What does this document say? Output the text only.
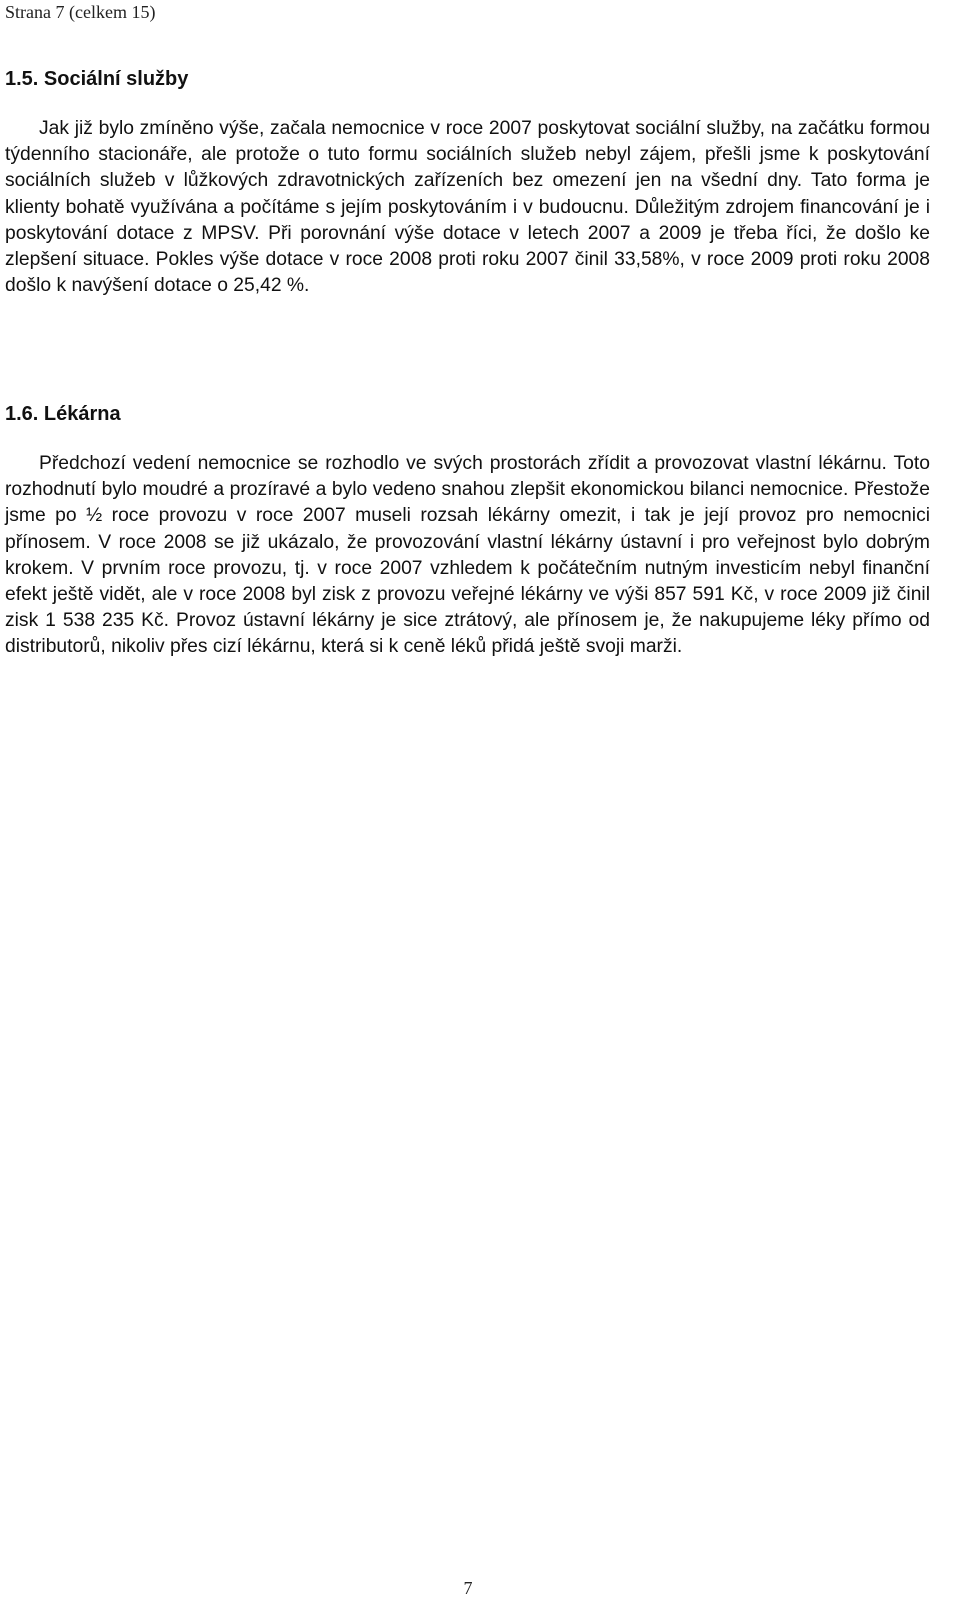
Strana 7 (celkem 15)
1.5. Sociální služby

Jak již bylo zmíněno výše, začala nemocnice v roce 2007 poskytovat sociální služby, na začátku formou týdenního stacionáře, ale protože o tuto formu sociálních služeb nebyl zájem, přešli jsme k poskytování sociálních služeb v lůžkových zdravotnických zařízeních bez omezení jen na všední dny. Tato forma je klienty bohatě využívána a počítáme s jejím poskytováním i v budoucnu. Důležitým zdrojem financování je i poskytování dotace z MPSV. Při porovnání výše dotace v letech 2007 a 2009 je třeba říci, že došlo ke zlepšení situace. Pokles výše dotace v roce 2008 proti roku 2007 činil 33,58%, v roce 2009 proti roku 2008 došlo k navýšení dotace o 25,42 %.

1.6. Lékárna

Předchozí vedení nemocnice se rozhodlo ve svých prostorách zřídit a provozovat vlastní lékárnu. Toto rozhodnutí bylo moudré a prozíravé a bylo vedeno snahou zlepšit ekonomickou bilanci nemocnice. Přestože jsme po ½ roce provozu v roce 2007 museli rozsah lékárny omezit, i tak je její provoz pro nemocnici přínosem. V roce 2008 se již ukázalo, že provozování vlastní lékárny ústavní i pro veřejnost bylo dobrým krokem. V prvním roce provozu, tj. v roce 2007 vzhledem k počátečním nutným investicím nebyl finanční efekt ještě vidět, ale v roce 2008 byl zisk z provozu veřejné lékárny ve výši 857 591 Kč, v roce 2009 již činil zisk 1 538 235 Kč. Provoz ústavní lékárny je sice ztrátový, ale přínosem je, že nakupujeme léky přímo od distributorů, nikoliv přes cizí lékárnu, která si k ceně léků přidá ještě svoji marži.

7
